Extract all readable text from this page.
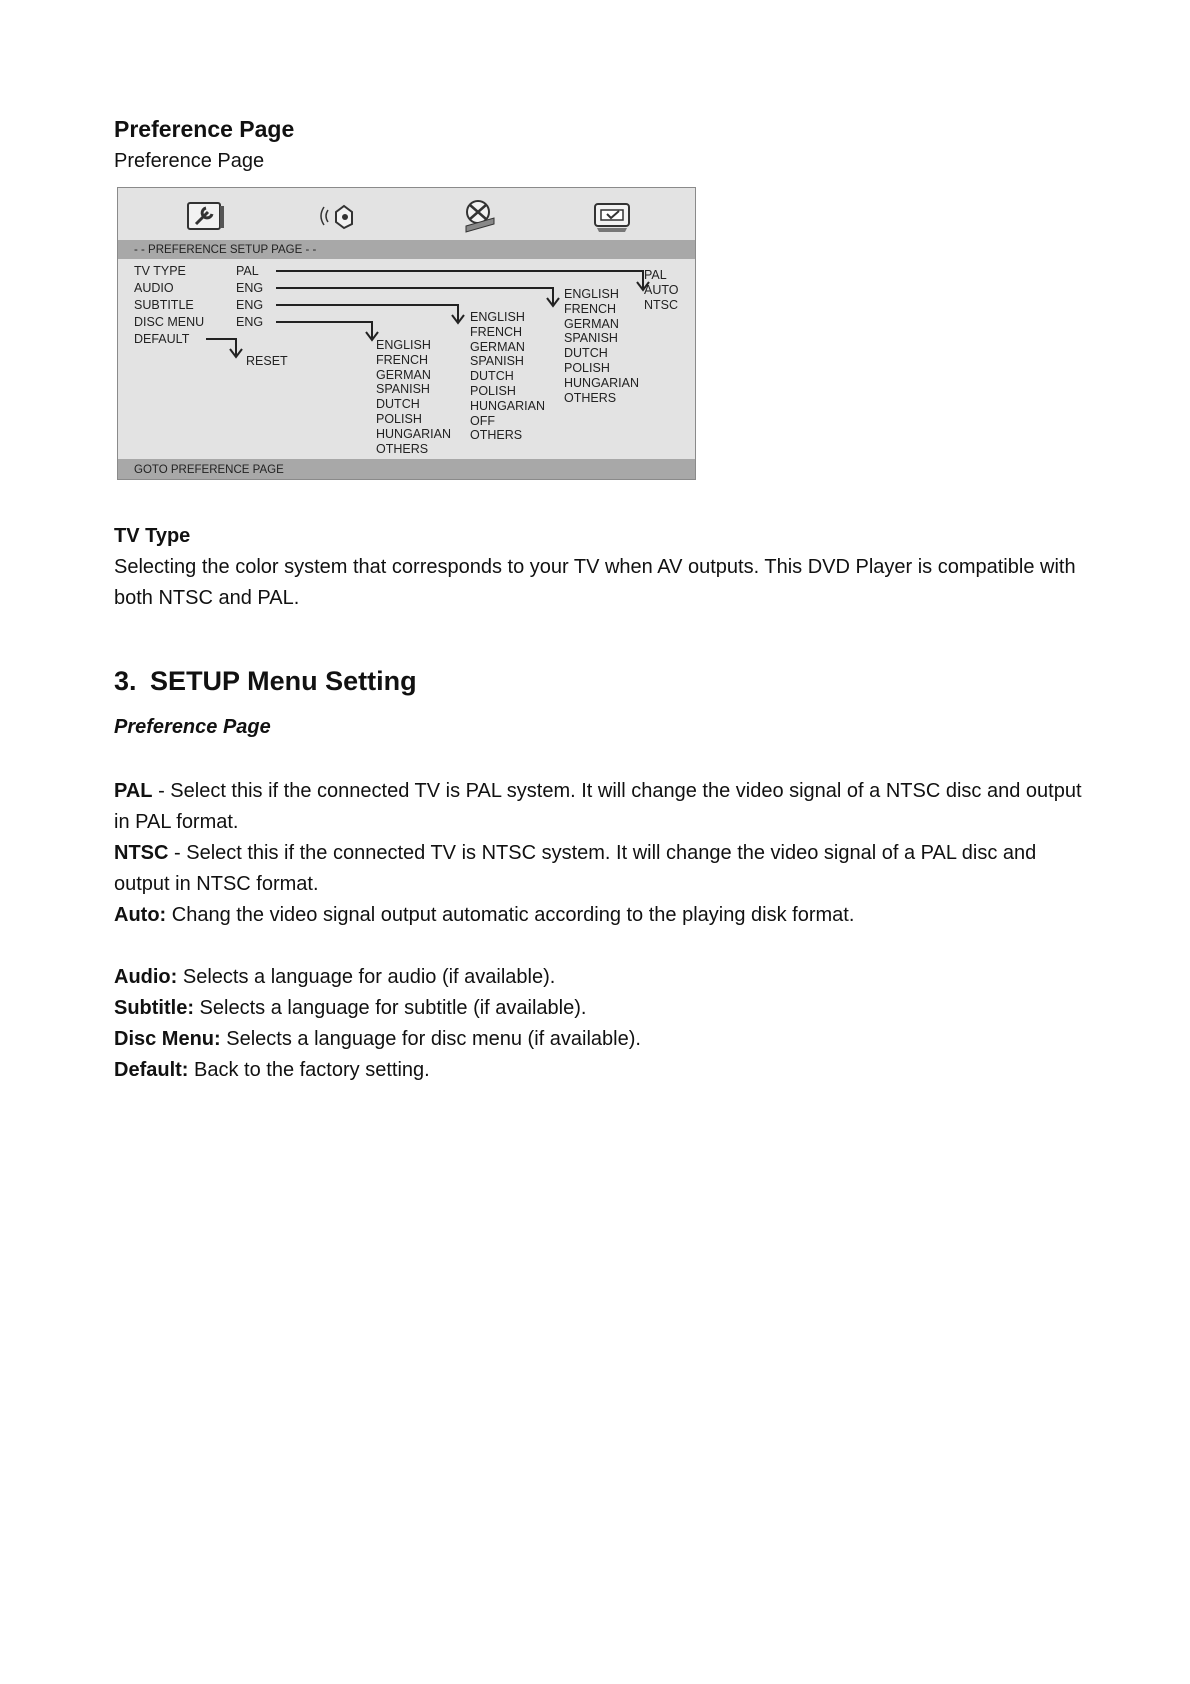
Preference Page
Preference Page
- - PREFERENCE SETUP PAGE - -
GOTO PREFERENCE PAGE
TV TYPE
AUDIO
SUBTITLE
DISC MENU
DEFAULT
PAL
ENG
ENG
ENG
RESET
ENGLISH
FRENCH
GERMAN
SPANISH
DUTCH
POLISH
HUNGARIAN
OTHERS
ENGLISH
FRENCH
GERMAN
SPANISH
DUTCH
POLISH
HUNGARIAN
OFF
OTHERS
ENGLISH
FRENCH
GERMAN
SPANISH
DUTCH
POLISH
HUNGARIAN
OTHERS
PAL
AUTO
NTSC
TV Type
Selecting the color system that corresponds to your TV when AV outputs. This DVD Player is compatible with both NTSC and PAL.
3. SETUP Menu Setting
Preference Page
PAL - Select this if the connected TV is PAL system. It will change the video signal of a NTSC disc and output in PAL format.
NTSC - Select this if the connected TV is NTSC system. It will change the video signal of a PAL disc and output in NTSC format.
Auto: Chang the video signal output automatic according to the playing disk format.
Audio: Selects a language for audio (if available).
Subtitle: Selects a language for subtitle (if available).
Disc Menu: Selects a language for disc menu (if available).
Default: Back to the factory setting.
